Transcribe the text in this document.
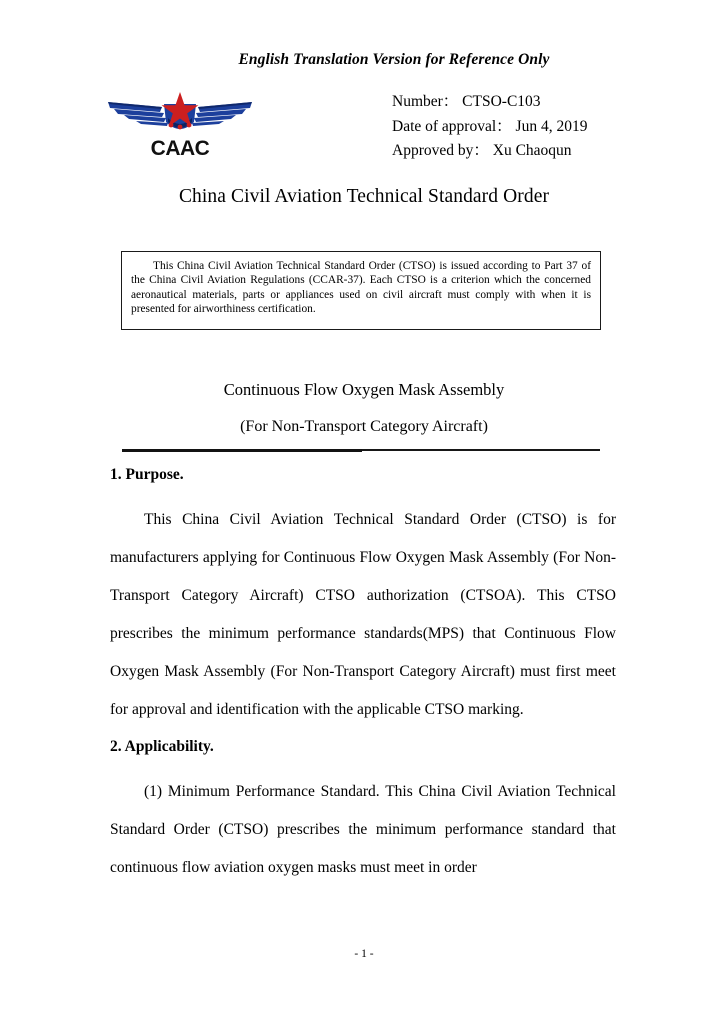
English Translation Version for Reference Only
CAAC
Number： CTSO-C103
Date of approval： Jun 4, 2019
Approved by： Xu Chaoqun
China Civil Aviation Technical Standard Order

This China Civil Aviation Technical Standard Order (CTSO) is issued according to Part 37 of the China Civil Aviation Regulations (CCAR-37). Each CTSO is a criterion which the concerned aeronautical materials, parts or appliances used on civil aircraft must comply with when it is presented for airworthiness certification.

Continuous Flow Oxygen Mask Assembly
(For Non-Transport Category Aircraft)
1. Purpose.

This China Civil Aviation Technical Standard Order (CTSO) is for manufacturers applying for Continuous Flow Oxygen Mask Assembly (For Non-Transport Category Aircraft) CTSO authorization (CTSOA). This CTSO prescribes the minimum performance standards(MPS) that Continuous Flow Oxygen Mask Assembly (For Non-Transport Category Aircraft) must first meet for approval and identification with the applicable CTSO marking.

2. Applicability.

(1) Minimum Performance Standard. This China Civil Aviation Technical Standard Order (CTSO) prescribes the minimum performance standard that continuous flow aviation oxygen masks must meet in order

- 1 -
